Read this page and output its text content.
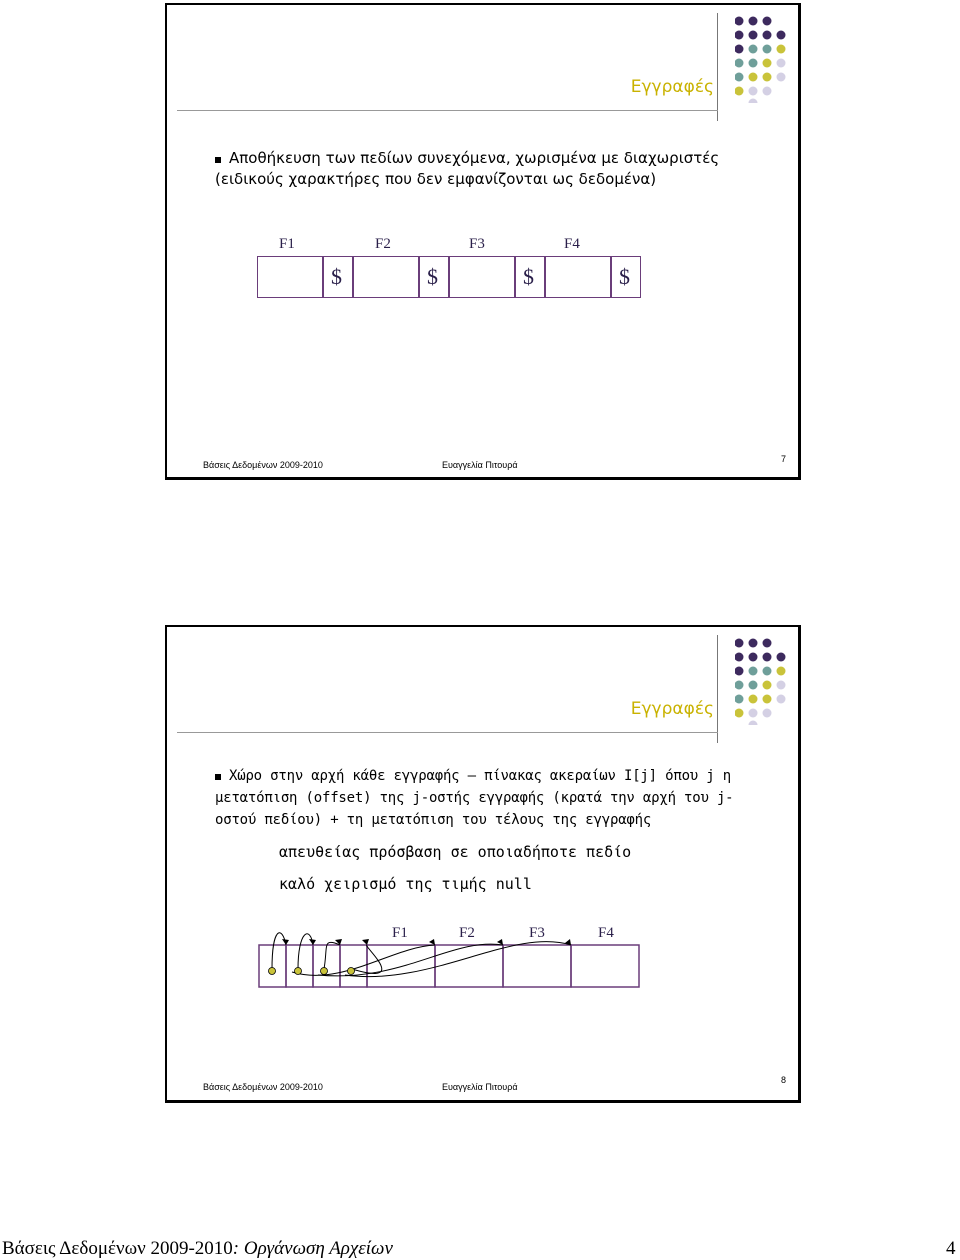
Εγγραφές
Αποθήκευση των πεδίων συνεχόμενα, χωρισμένα με διαχωριστές
(ειδικούς χαρακτήρες που δεν εμφανίζονται ως δεδομένα)
F1	F2	F3	F4
$	$	$	$
Βάσεις Δεδομένων 2009-2010	Ευαγγελία Πιτουρά
7
Εγγραφές
Χώρο στην αρχή κάθε εγγραφής – πίνακας ακεραίων I[j] όπου j η
μετατόπιση (offset) της j-οστής εγγραφής (κρατά την αρχή του j-
οστού πεδίου) + τη μετατόπιση του τέλους της εγγραφής
απευθείας πρόσβαση σε οποιαδήποτε πεδίο
καλό χειρισμό της τιμής null
F1	F2	F3	F4
Βάσεις Δεδομένων 2009-2010	Ευαγγελία Πιτουρά
8
Βάσεις Δεδομένων 2009-2010: Οργάνωση Αρχείων	4
